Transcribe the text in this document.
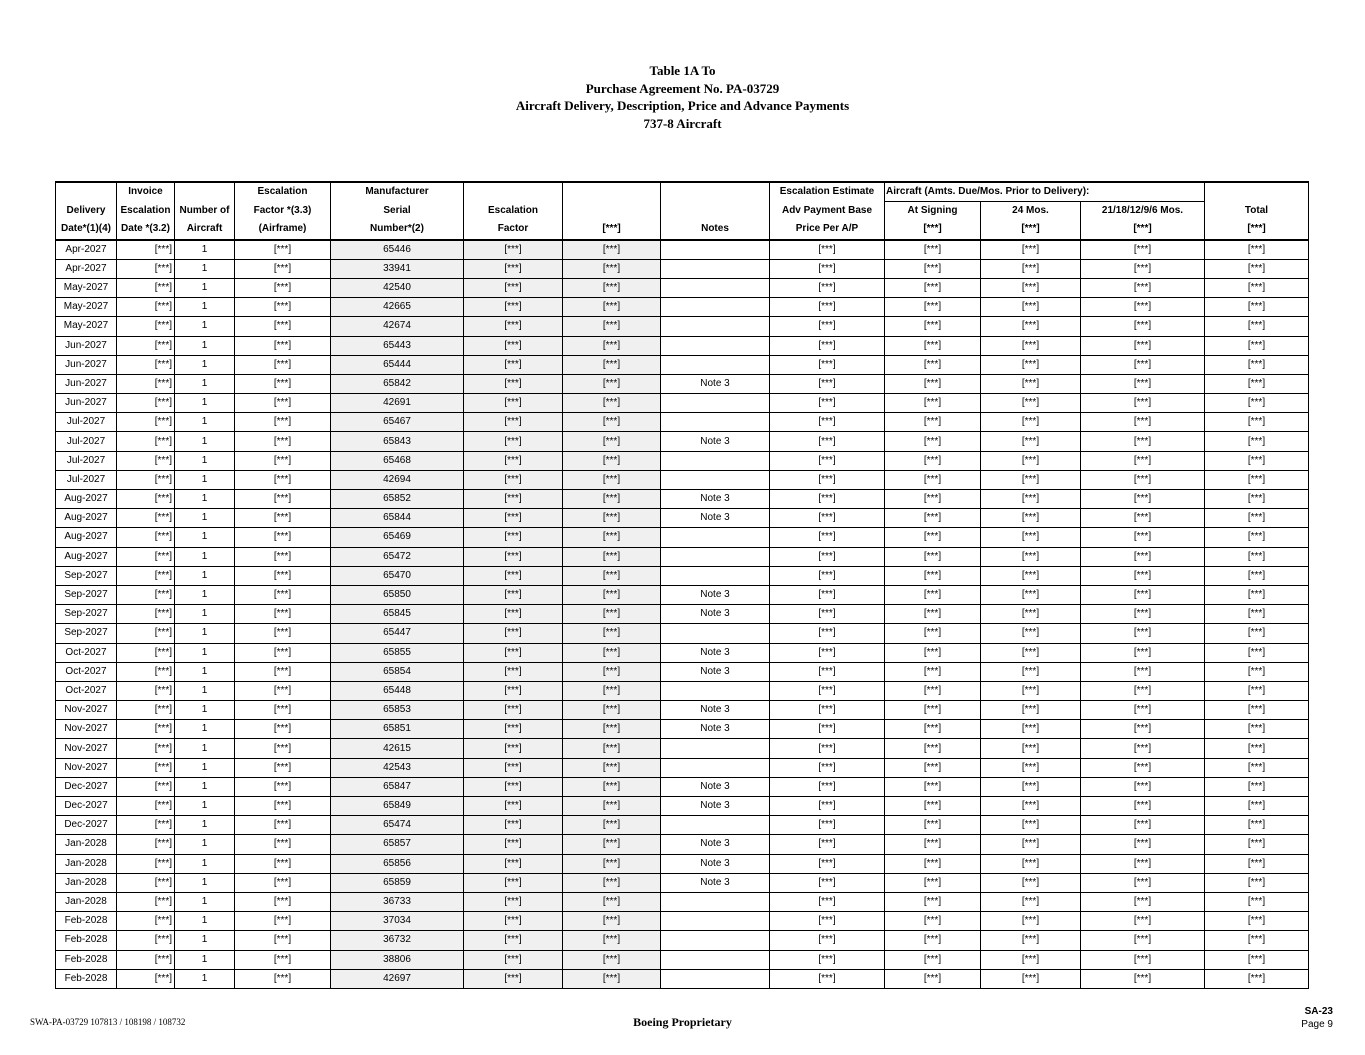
Table 1A To
Purchase Agreement No. PA-03729
Aircraft Delivery, Description, Price and Advance Payments
737-8 Aircraft
	Invoice		Escalation	Manufacturer				Escalation Estimate	Aircraft (Amts. Due/Mos. Prior to Delivery):			
Delivery	Escalation	Number of	Factor *(3.3)	Serial	Escalation			Adv Payment Base	At Signing	24 Mos.	21/18/12/9/6 Mos.	Total
Date*(1)(4)	Date *(3.2)	Aircraft	(Airframe)	Number*(2)	Factor	[***]	Notes	Price Per A/P	[***]	[***]	[***]	[***]
Apr-2027	[***]	1	[***]	65446	[***]	[***]		[***]	[***]	[***]	[***]	[***]
Apr-2027	[***]	1	[***]	33941	[***]	[***]		[***]	[***]	[***]	[***]	[***]
May-2027	[***]	1	[***]	42540	[***]	[***]		[***]	[***]	[***]	[***]	[***]
May-2027	[***]	1	[***]	42665	[***]	[***]		[***]	[***]	[***]	[***]	[***]
May-2027	[***]	1	[***]	42674	[***]	[***]		[***]	[***]	[***]	[***]	[***]
Jun-2027	[***]	1	[***]	65443	[***]	[***]		[***]	[***]	[***]	[***]	[***]
Jun-2027	[***]	1	[***]	65444	[***]	[***]		[***]	[***]	[***]	[***]	[***]
Jun-2027	[***]	1	[***]	65842	[***]	[***]	Note 3	[***]	[***]	[***]	[***]	[***]
Jun-2027	[***]	1	[***]	42691	[***]	[***]		[***]	[***]	[***]	[***]	[***]
Jul-2027	[***]	1	[***]	65467	[***]	[***]		[***]	[***]	[***]	[***]	[***]
Jul-2027	[***]	1	[***]	65843	[***]	[***]	Note 3	[***]	[***]	[***]	[***]	[***]
Jul-2027	[***]	1	[***]	65468	[***]	[***]		[***]	[***]	[***]	[***]	[***]
Jul-2027	[***]	1	[***]	42694	[***]	[***]		[***]	[***]	[***]	[***]	[***]
Aug-2027	[***]	1	[***]	65852	[***]	[***]	Note 3	[***]	[***]	[***]	[***]	[***]
Aug-2027	[***]	1	[***]	65844	[***]	[***]	Note 3	[***]	[***]	[***]	[***]	[***]
Aug-2027	[***]	1	[***]	65469	[***]	[***]		[***]	[***]	[***]	[***]	[***]
Aug-2027	[***]	1	[***]	65472	[***]	[***]		[***]	[***]	[***]	[***]	[***]
Sep-2027	[***]	1	[***]	65470	[***]	[***]		[***]	[***]	[***]	[***]	[***]
Sep-2027	[***]	1	[***]	65850	[***]	[***]	Note 3	[***]	[***]	[***]	[***]	[***]
Sep-2027	[***]	1	[***]	65845	[***]	[***]	Note 3	[***]	[***]	[***]	[***]	[***]
Sep-2027	[***]	1	[***]	65447	[***]	[***]		[***]	[***]	[***]	[***]	[***]
Oct-2027	[***]	1	[***]	65855	[***]	[***]	Note 3	[***]	[***]	[***]	[***]	[***]
Oct-2027	[***]	1	[***]	65854	[***]	[***]	Note 3	[***]	[***]	[***]	[***]	[***]
Oct-2027	[***]	1	[***]	65448	[***]	[***]		[***]	[***]	[***]	[***]	[***]
Nov-2027	[***]	1	[***]	65853	[***]	[***]	Note 3	[***]	[***]	[***]	[***]	[***]
Nov-2027	[***]	1	[***]	65851	[***]	[***]	Note 3	[***]	[***]	[***]	[***]	[***]
Nov-2027	[***]	1	[***]	42615	[***]	[***]		[***]	[***]	[***]	[***]	[***]
Nov-2027	[***]	1	[***]	42543	[***]	[***]		[***]	[***]	[***]	[***]	[***]
Dec-2027	[***]	1	[***]	65847	[***]	[***]	Note 3	[***]	[***]	[***]	[***]	[***]
Dec-2027	[***]	1	[***]	65849	[***]	[***]	Note 3	[***]	[***]	[***]	[***]	[***]
Dec-2027	[***]	1	[***]	65474	[***]	[***]		[***]	[***]	[***]	[***]	[***]
Jan-2028	[***]	1	[***]	65857	[***]	[***]	Note 3	[***]	[***]	[***]	[***]	[***]
Jan-2028	[***]	1	[***]	65856	[***]	[***]	Note 3	[***]	[***]	[***]	[***]	[***]
Jan-2028	[***]	1	[***]	65859	[***]	[***]	Note 3	[***]	[***]	[***]	[***]	[***]
Jan-2028	[***]	1	[***]	36733	[***]	[***]		[***]	[***]	[***]	[***]	[***]
Feb-2028	[***]	1	[***]	37034	[***]	[***]		[***]	[***]	[***]	[***]	[***]
Feb-2028	[***]	1	[***]	36732	[***]	[***]		[***]	[***]	[***]	[***]	[***]
Feb-2028	[***]	1	[***]	38806	[***]	[***]		[***]	[***]	[***]	[***]	[***]
Feb-2028	[***]	1	[***]	42697	[***]	[***]		[***]	[***]	[***]	[***]	[***]
SWA-PA-03729 107813 / 108198 / 108732	Boeing Proprietary
SA-23
Page 9
